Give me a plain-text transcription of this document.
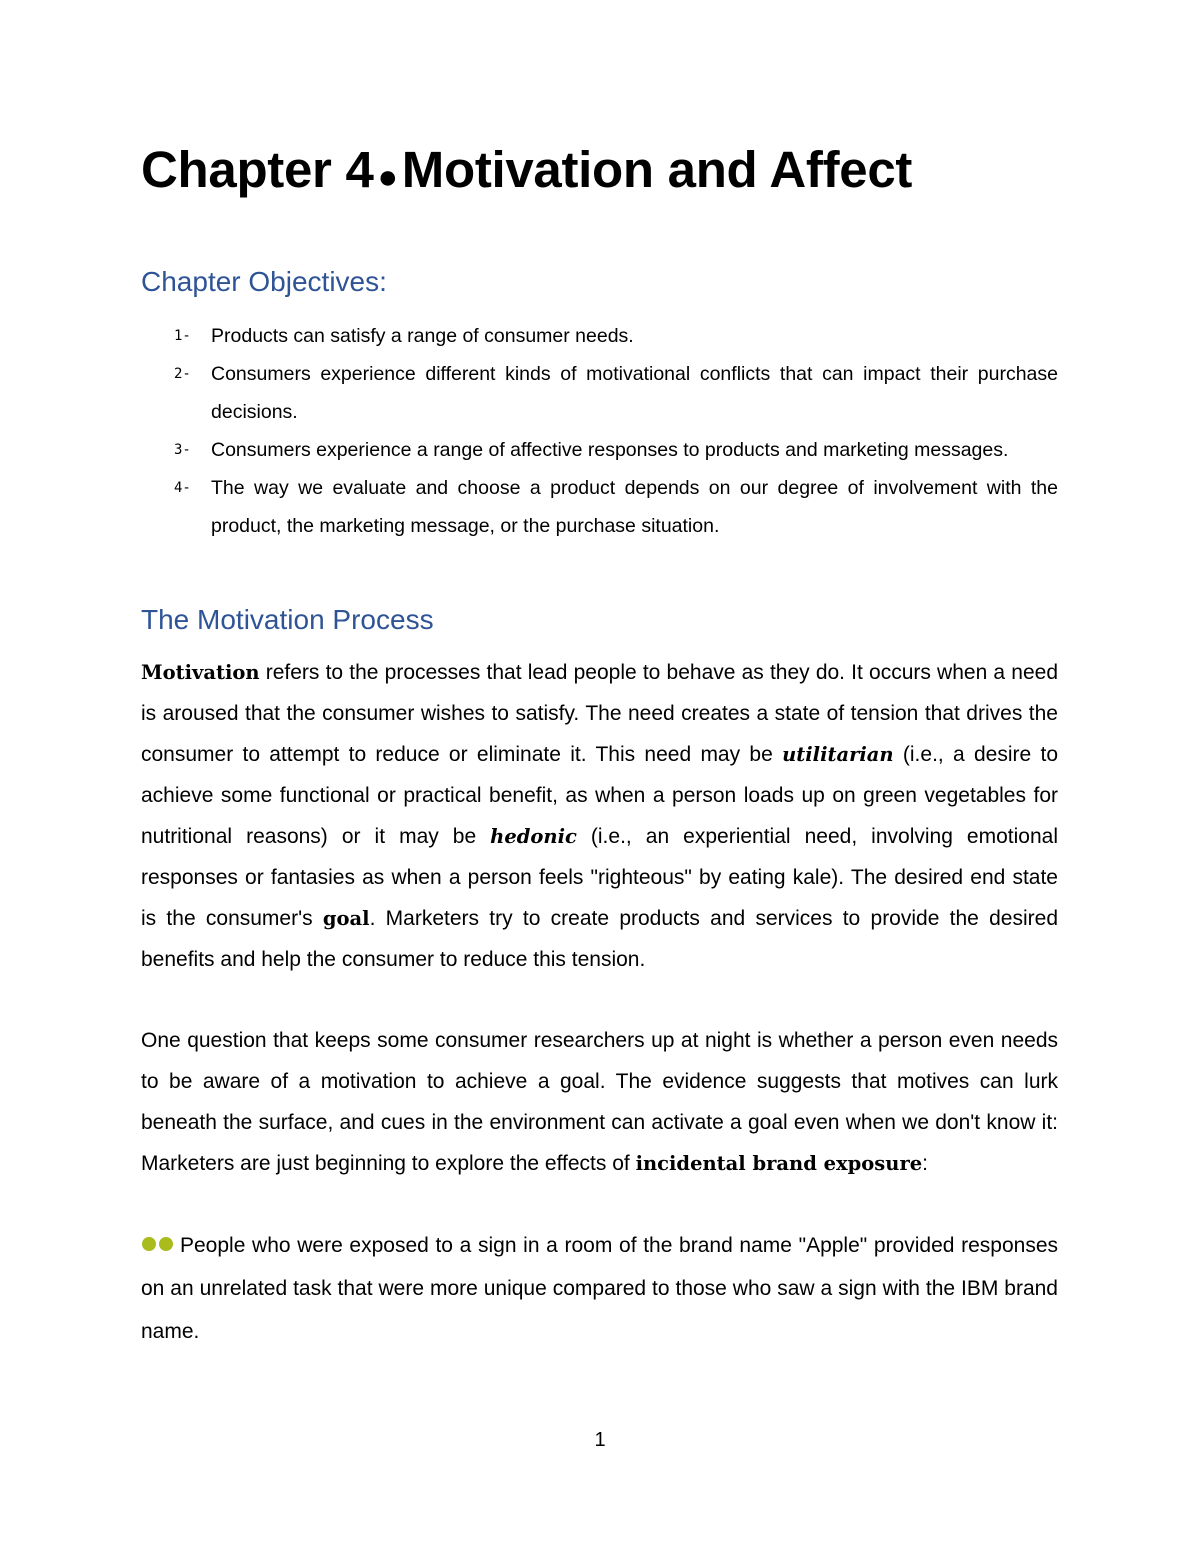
Chapter 4 ●Motivation and Affect
Chapter Objectives:
1- Products can satisfy a range of consumer needs.
2- Consumers experience different kinds of motivational conflicts that can impact their purchase decisions.
3- Consumers experience a range of affective responses to products and marketing messages.
4- The way we evaluate and choose a product depends on our degree of involvement with the product, the marketing message, or the purchase situation.
The Motivation Process

Motivation refers to the processes that lead people to behave as they do. It occurs when a need is aroused that the consumer wishes to satisfy. The need creates a state of tension that drives the consumer to attempt to reduce or eliminate it. This need may be utilitarian (i.e., a desire to achieve some functional or practical benefit, as when a person loads up on green vegetables for nutritional reasons) or it may be hedonic (i.e., an experiential need, involving emotional responses or fantasies as when a person feels "righteous" by eating kale). The desired end state is the consumer's goal. Marketers try to create products and services to provide the desired benefits and help the consumer to reduce this tension.

One question that keeps some consumer researchers up at night is whether a person even needs to be aware of a motivation to achieve a goal. The evidence suggests that motives can lurk beneath the surface, and cues in the environment can activate a goal even when we don't know it: Marketers are just beginning to explore the effects of incidental brand exposure:

People who were exposed to a sign in a room of the brand name "Apple" provided responses on an unrelated task that were more unique compared to those who saw a sign with the IBM brand name.

1
